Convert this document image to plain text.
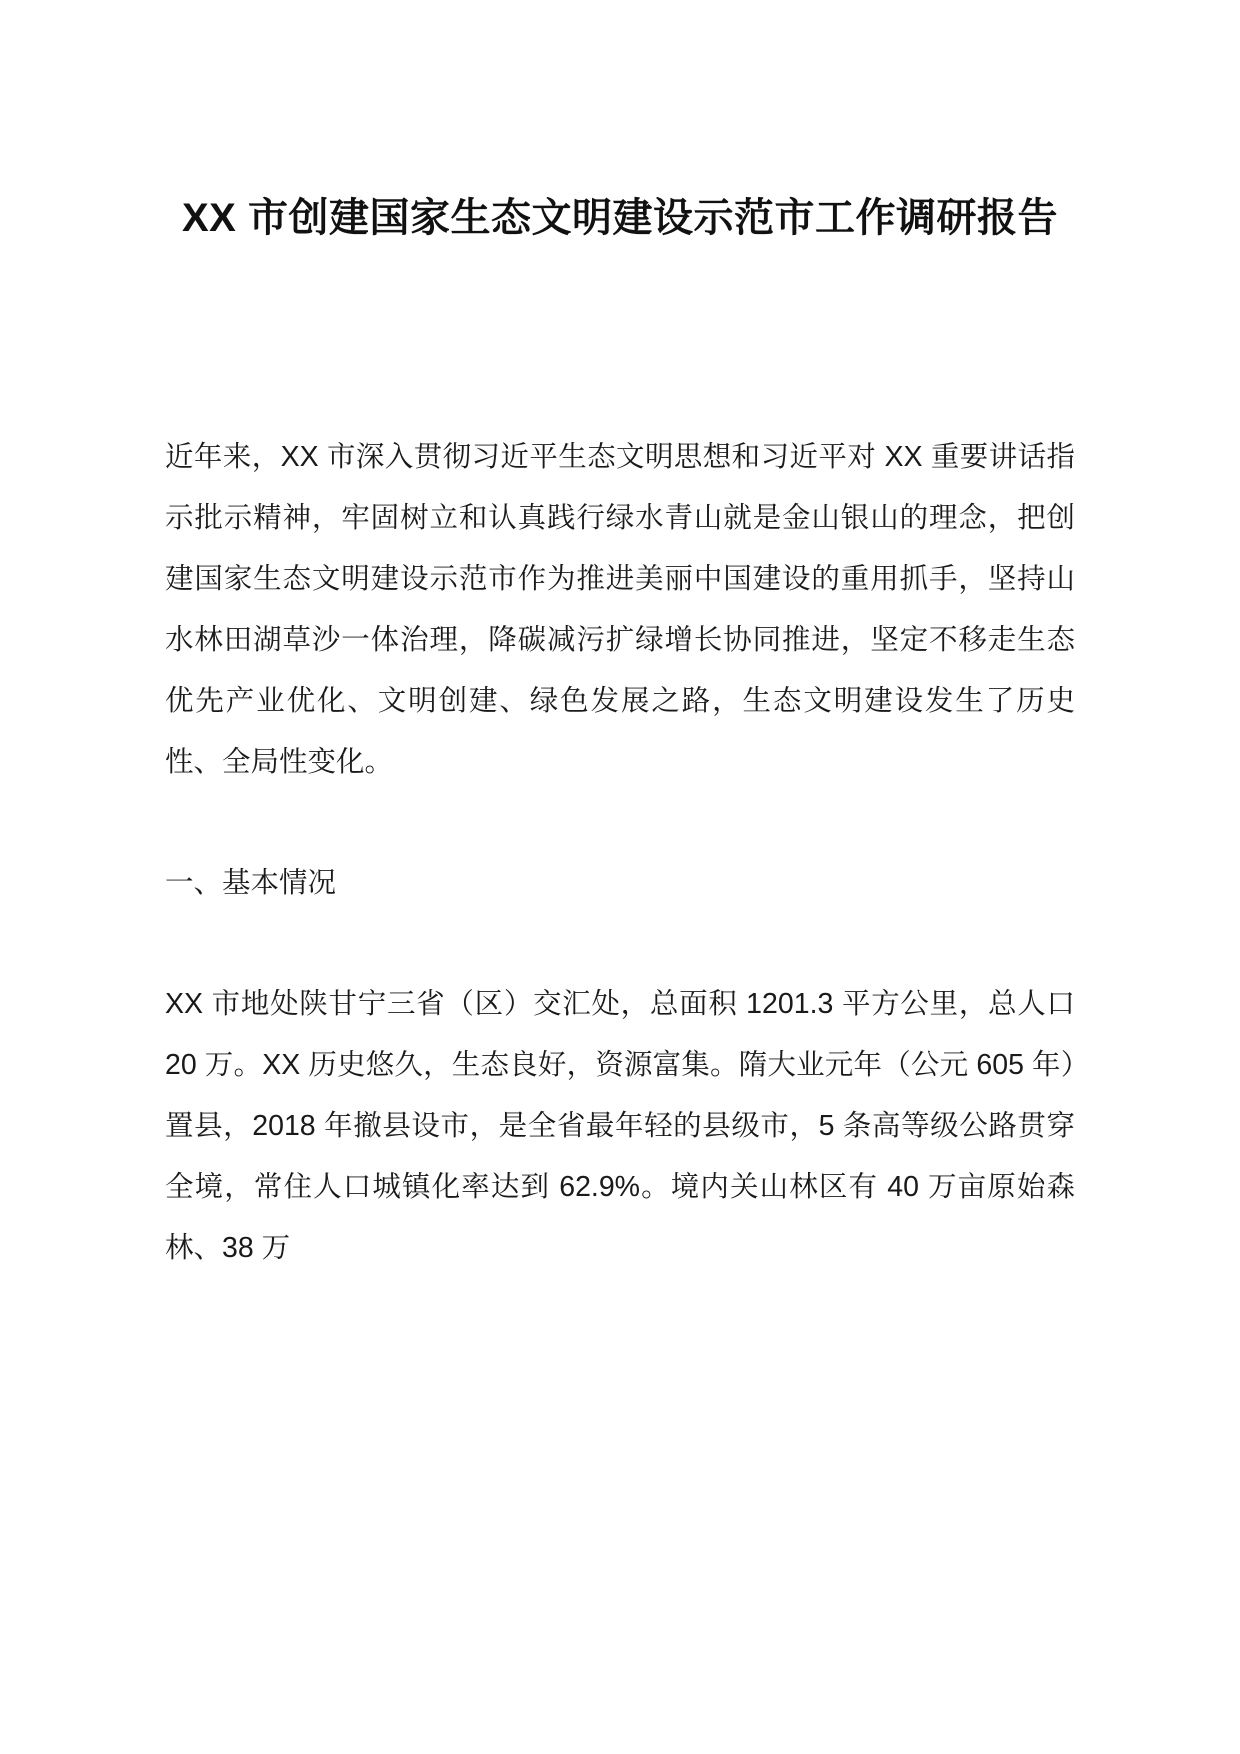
XX 市创建国家生态文明建设示范市工作调研报告

近年来，XX 市深入贯彻习近平生态文明思想和习近平对 XX 重要讲话指示批示精神，牢固树立和认真践行绿水青山就是金山银山的理念，把创建国家生态文明建设示范市作为推进美丽中国建设的重用抓手，坚持山水林田湖草沙一体治理，降碳减污扩绿增长协同推进，坚定不移走生态优先产业优化、文明创建、绿色发展之路，生态文明建设发生了历史性、全局性变化。

一、基本情况

XX 市地处陕甘宁三省（区）交汇处，总面积 1201.3 平方公里，总人口 20 万。XX 历史悠久，生态良好，资源富集。隋大业元年（公元 605 年）置县，2018 年撤县设市，是全省最年轻的县级市，5 条高等级公路贯穿全境，常住人口城镇化率达到 62.9%。境内关山林区有 40 万亩原始森林、38 万
